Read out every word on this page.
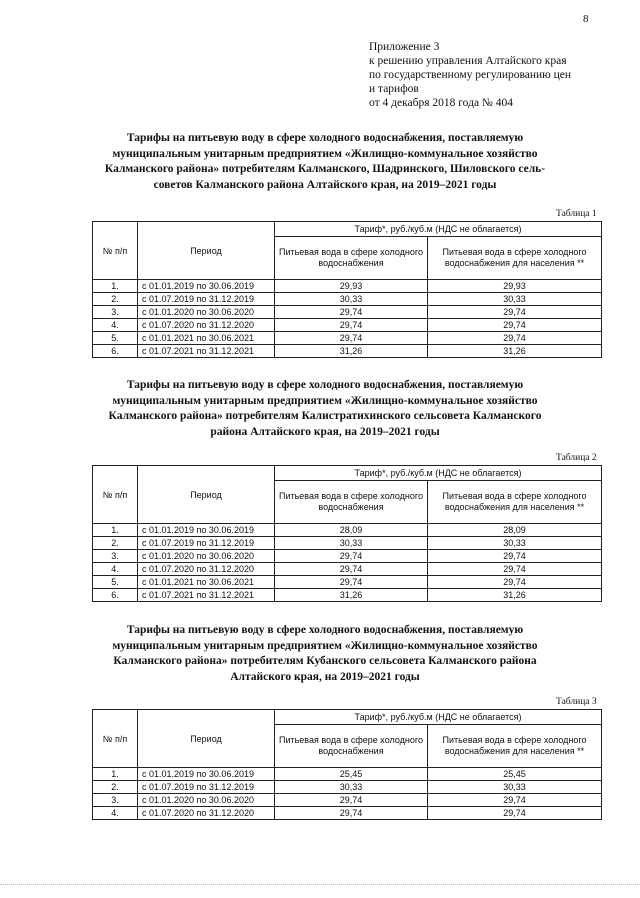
8
Приложение 3
к решению управления Алтайского края
по государственному регулированию цен
и тарифов
от 4 декабря 2018 года № 404
Тарифы на питьевую воду в сфере холодного водоснабжения, поставляемую муниципальным унитарным предприятием «Жилищно-коммунальное хозяйство Калманского района» потребителям Калманского, Шадринского, Шиловского сель-советов Калманского района Алтайского края, на 2019–2021 годы
Таблица 1
№ п/п	Период	Тариф*, руб./куб.м (НДС не облагается)	
		Питьевая вода в сфере холодного водоснабжения	Питьевая вода в сфере холодного водоснабжения для населения **
1.	с 01.01.2019 по 30.06.2019	29,93	29,93
2.	с 01.07.2019 по 31.12.2019	30,33	30,33
3.	с 01.01.2020 по 30.06.2020	29,74	29,74
4.	с 01.07.2020 по 31.12.2020	29,74	29,74
5.	с 01.01.2021 по 30.06.2021	29,74	29,74
6.	с 01.07.2021 по 31.12.2021	31,26	31,26
Тарифы на питьевую воду в сфере холодного водоснабжения, поставляемую муниципальным унитарным предприятием «Жилищно-коммунальное хозяйство Калманского района» потребителям Калистратихинского сельсовета Калманского района Алтайского края, на 2019–2021 годы
Таблица 2
№ п/п	Период	Тариф*, руб./куб.м (НДС не облагается)	
		Питьевая вода в сфере холодного водоснабжения	Питьевая вода в сфере холодного водоснабжения для населения **
1.	с 01.01.2019 по 30.06.2019	28,09	28,09
2.	с 01.07.2019 по 31.12.2019	30,33	30,33
3.	с 01.01.2020 по 30.06.2020	29,74	29,74
4.	с 01.07.2020 по 31.12.2020	29,74	29,74
5.	с 01.01.2021 по 30.06.2021	29,74	29,74
6.	с 01.07.2021 по 31.12.2021	31,26	31,26
Тарифы на питьевую воду в сфере холодного водоснабжения, поставляемую муниципальным унитарным предприятием «Жилищно-коммунальное хозяйство Калманского района» потребителям Кубанского сельсовета Калманского района Алтайского края, на 2019–2021 годы
Таблица 3
№ п/п	Период	Тариф*, руб./куб.м (НДС не облагается)	
		Питьевая вода в сфере холодного водоснабжения	Питьевая вода в сфере холодного водоснабжения для населения **
1.	с 01.01.2019 по 30.06.2019	25,45	25,45
2.	с 01.07.2019 по 31.12.2019	30,33	30,33
3.	с 01.01.2020 по 30.06.2020	29,74	29,74
4.	с 01.07.2020 по 31.12.2020	29,74	29,74
